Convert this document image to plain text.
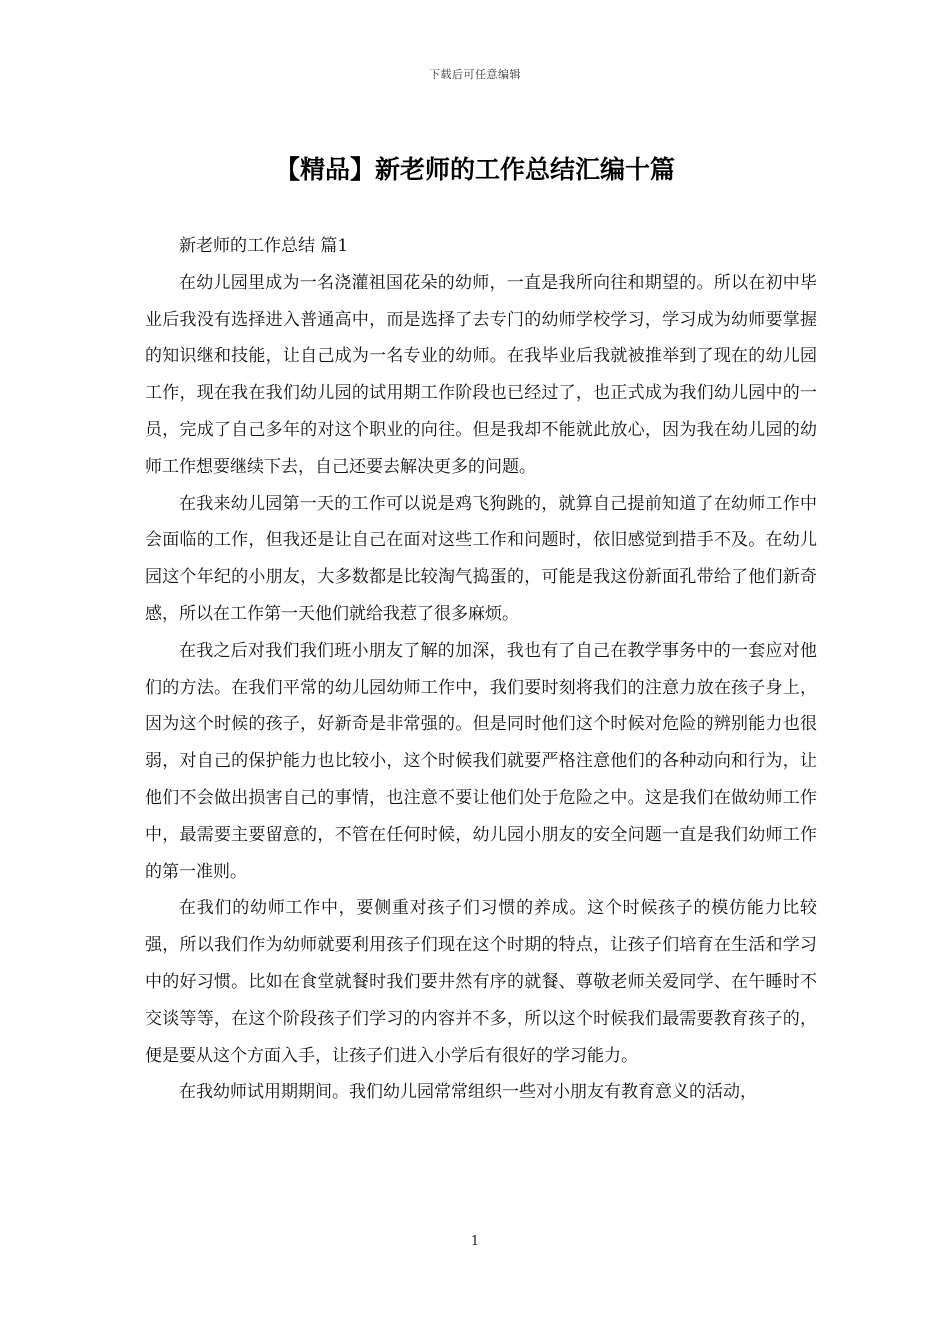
下载后可任意编辑
【精品】新老师的工作总结汇编十篇
新老师的工作总结 篇1

在幼儿园里成为一名浇灌祖国花朵的幼师，一直是我所向往和期望的。所以在初中毕业后我没有选择进入普通高中，而是选择了去专门的幼师学校学习，学习成为幼师要掌握的知识继和技能，让自己成为一名专业的幼师。在我毕业后我就被推举到了现在的幼儿园工作，现在我在我们幼儿园的试用期工作阶段也已经过了，也正式成为我们幼儿园中的一员，完成了自己多年的对这个职业的向往。但是我却不能就此放心，因为我在幼儿园的幼师工作想要继续下去，自己还要去解决更多的问题。

在我来幼儿园第一天的工作可以说是鸡飞狗跳的，就算自己提前知道了在幼师工作中会面临的工作，但我还是让自己在面对这些工作和问题时，依旧感觉到措手不及。在幼儿园这个年纪的小朋友，大多数都是比较淘气捣蛋的，可能是我这份新面孔带给了他们新奇感，所以在工作第一天他们就给我惹了很多麻烦。

在我之后对我们我们班小朋友了解的加深，我也有了自己在教学事务中的一套应对他们的方法。在我们平常的幼儿园幼师工作中，我们要时刻将我们的注意力放在孩子身上，因为这个时候的孩子，好新奇是非常强的。但是同时他们这个时候对危险的辨别能力也很弱，对自己的保护能力也比较小，这个时候我们就要严格注意他们的各种动向和行为，让他们不会做出损害自己的事情，也注意不要让他们处于危险之中。这是我们在做幼师工作中，最需要主要留意的，不管在任何时候，幼儿园小朋友的安全问题一直是我们幼师工作的第一准则。

在我们的幼师工作中，要侧重对孩子们习惯的养成。这个时候孩子的模仿能力比较强，所以我们作为幼师就要利用孩子们现在这个时期的特点，让孩子们培育在生活和学习中的好习惯。比如在食堂就餐时我们要井然有序的就餐、尊敬老师关爱同学、在午睡时不交谈等等，在这个阶段孩子们学习的内容并不多，所以这个时候我们最需要教育孩子的，便是要从这个方面入手，让孩子们进入小学后有很好的学习能力。

在我幼师试用期期间。我们幼儿园常常组织一些对小朋友有教育意义的活动，

1
